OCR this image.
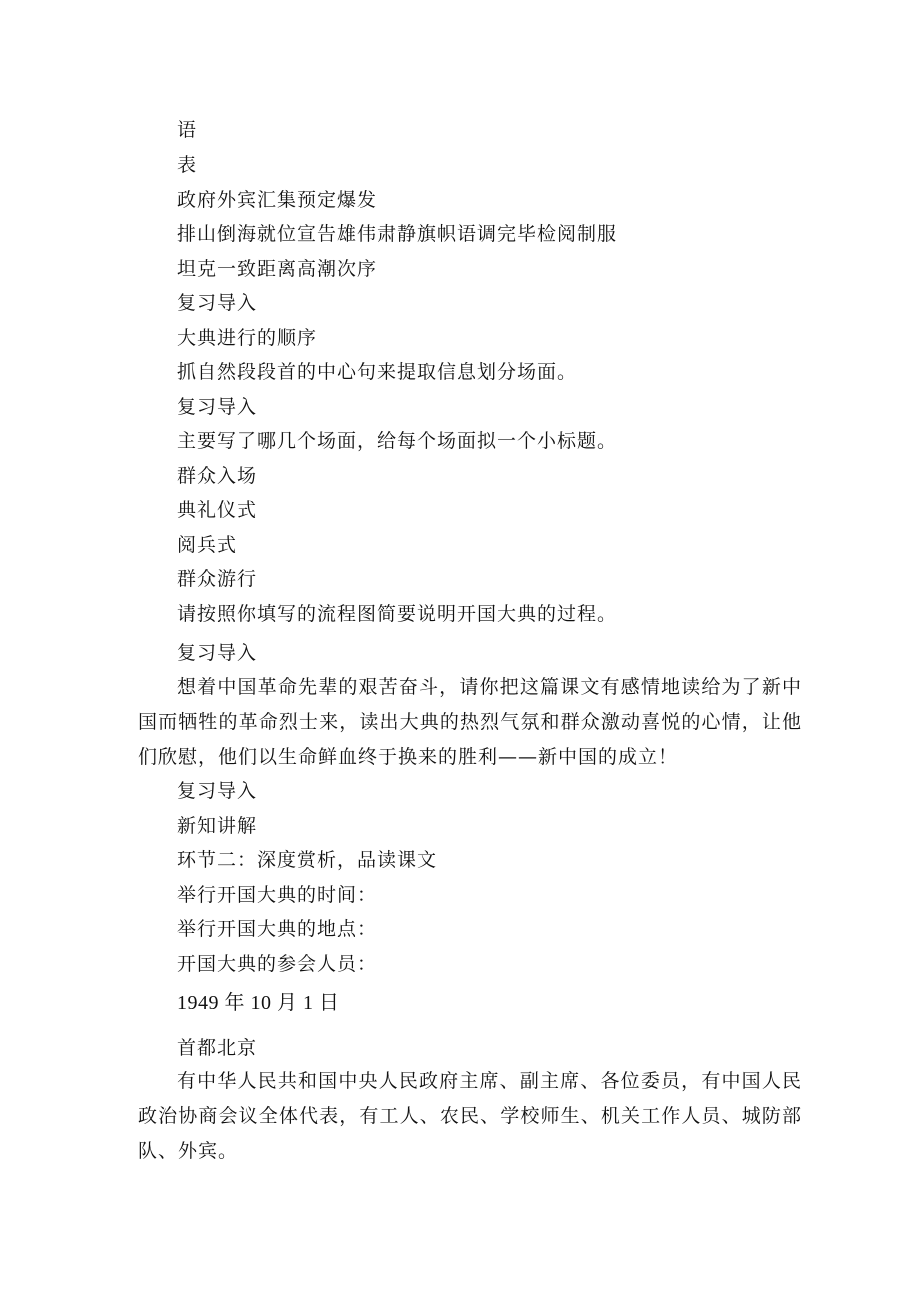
语
表
政府外宾汇集预定爆发
排山倒海就位宣告雄伟肃静旗帜语调完毕检阅制服
坦克一致距离高潮次序
复习导入
大典进行的顺序
抓自然段段首的中心句来提取信息划分场面。
复习导入
主要写了哪几个场面，给每个场面拟一个小标题。
群众入场
典礼仪式
阅兵式
群众游行
请按照你填写的流程图简要说明开国大典的过程。
复习导入
想着中国革命先辈的艰苦奋斗，请你把这篇课文有感情地读给为了新中国而牺牲的革命烈士来，读出大典的热烈气氛和群众激动喜悦的心情，让他们欣慰，他们以生命鲜血终于换来的胜利——新中国的成立！
复习导入
新知讲解
环节二：深度赏析，品读课文
举行开国大典的时间：
举行开国大典的地点：
开国大典的参会人员：
1949 年 10 月 1 日
首都北京
有中华人民共和国中央人民政府主席、副主席、各位委员，有中国人民政治协商会议全体代表，有工人、农民、学校师生、机关工作人员、城防部队、外宾。
